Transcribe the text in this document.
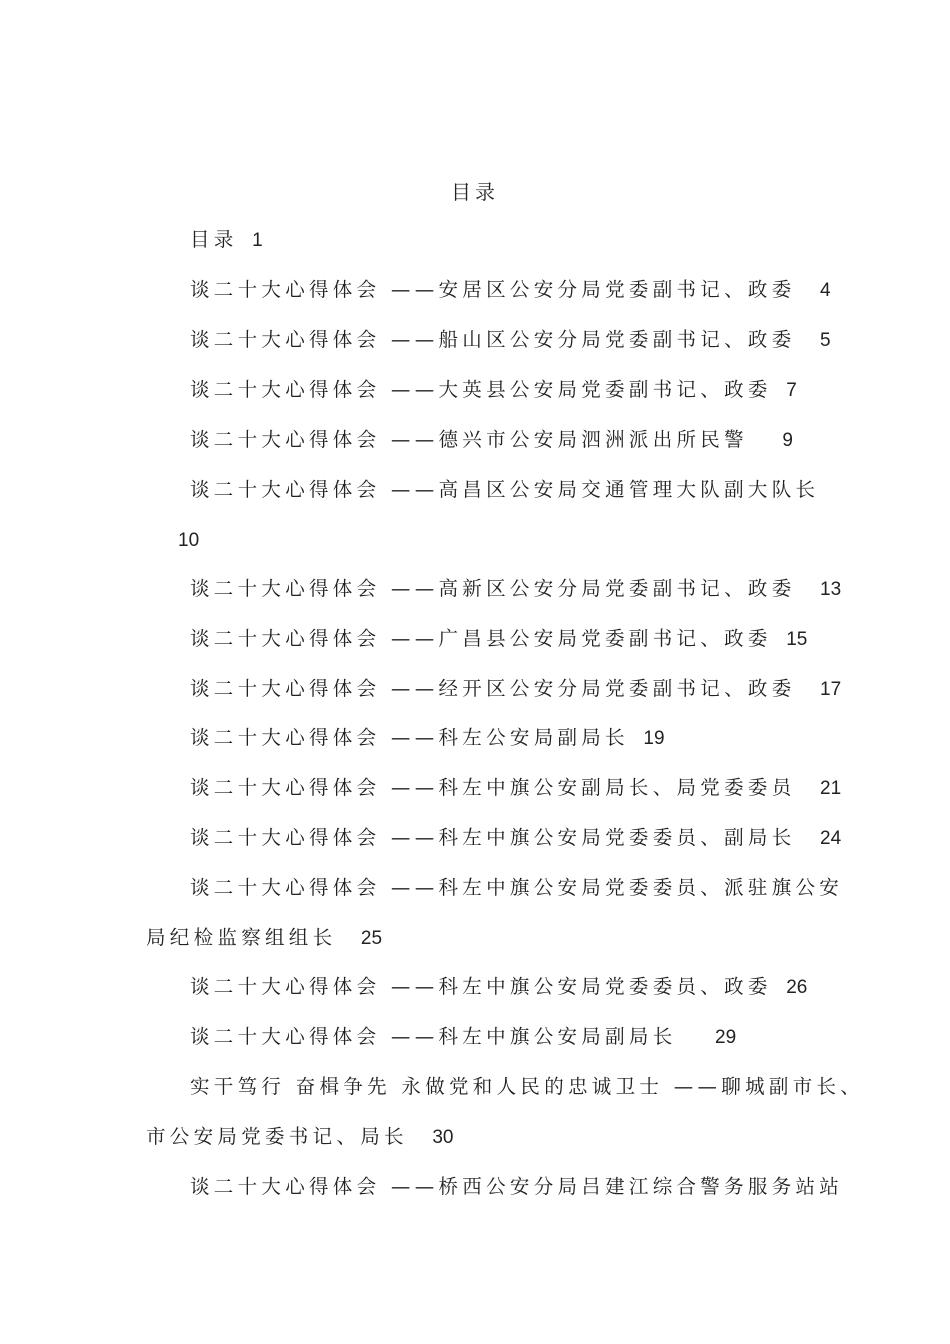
目录
目录 1
谈二十大心得体会 ——安居区公安分局党委副书记、政委 4
谈二十大心得体会 ——船山区公安分局党委副书记、政委 5
谈二十大心得体会 ——大英县公安局党委副书记、政委 7
谈二十大心得体会 ——德兴市公安局泗洲派出所民警 9
谈二十大心得体会 ——高昌区公安局交通管理大队副大队长
10
谈二十大心得体会 ——高新区公安分局党委副书记、政委 13
谈二十大心得体会 ——广昌县公安局党委副书记、政委 15
谈二十大心得体会 ——经开区公安分局党委副书记、政委 17
谈二十大心得体会 ——科左公安局副局长 19
谈二十大心得体会 ——科左中旗公安副局长、局党委委员 21
谈二十大心得体会 ——科左中旗公安局党委委员、副局长 24
谈二十大心得体会 ——科左中旗公安局党委委员、派驻旗公安
局纪检监察组组长 25
谈二十大心得体会 ——科左中旗公安局党委委员、政委 26
谈二十大心得体会 ——科左中旗公安局副局长 29
实干笃行 奋楫争先 永做党和人民的忠诚卫士 ——聊城副市长、
市公安局党委书记、局长 30
谈二十大心得体会 ——桥西公安分局吕建江综合警务服务站站
